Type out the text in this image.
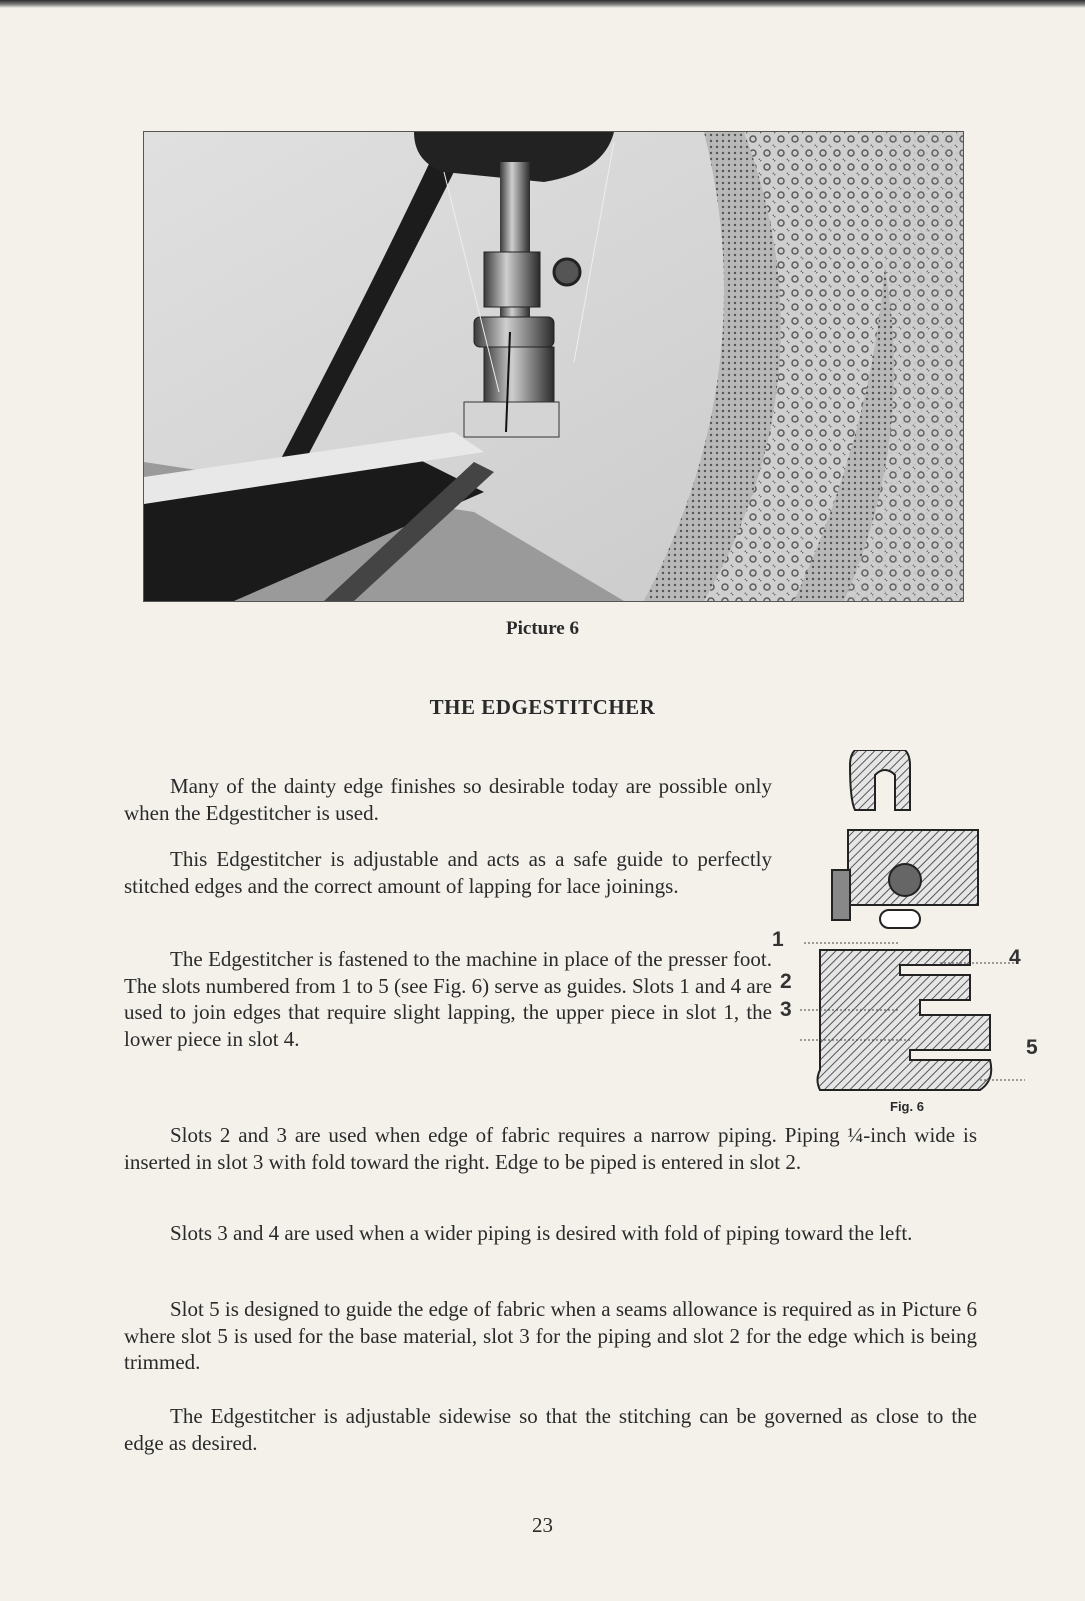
Picture 6
THE EDGESTITCHER

Many of the dainty edge finishes so desirable today are possible only when the Edgestitcher is used.

This Edgestitcher is adjustable and acts as a safe guide to perfectly stitched edges and the correct amount of lapping for lace joinings.

The Edgestitcher is fastened to the machine in place of the presser foot. The slots numbered from 1 to 5 (see Fig. 6) serve as guides. Slots 1 and 4 are used to join edges that require slight lapping, the upper piece in slot 1, the lower piece in slot 4.

Slots 2 and 3 are used when edge of fabric requires a narrow piping. Piping ¼-inch wide is inserted in slot 3 with fold toward the right. Edge to be piped is entered in slot 2.

Slots 3 and 4 are used when a wider piping is desired with fold of piping toward the left.

Slot 5 is designed to guide the edge of fabric when a seams allowance is required as in Picture 6 where slot 5 is used for the base material, slot 3 for the piping and slot 2 for the edge which is being trimmed.

The Edgestitcher is adjustable sidewise so that the stitching can be governed as close to the edge as desired.

1
2
3
4
5
Fig. 6
23
